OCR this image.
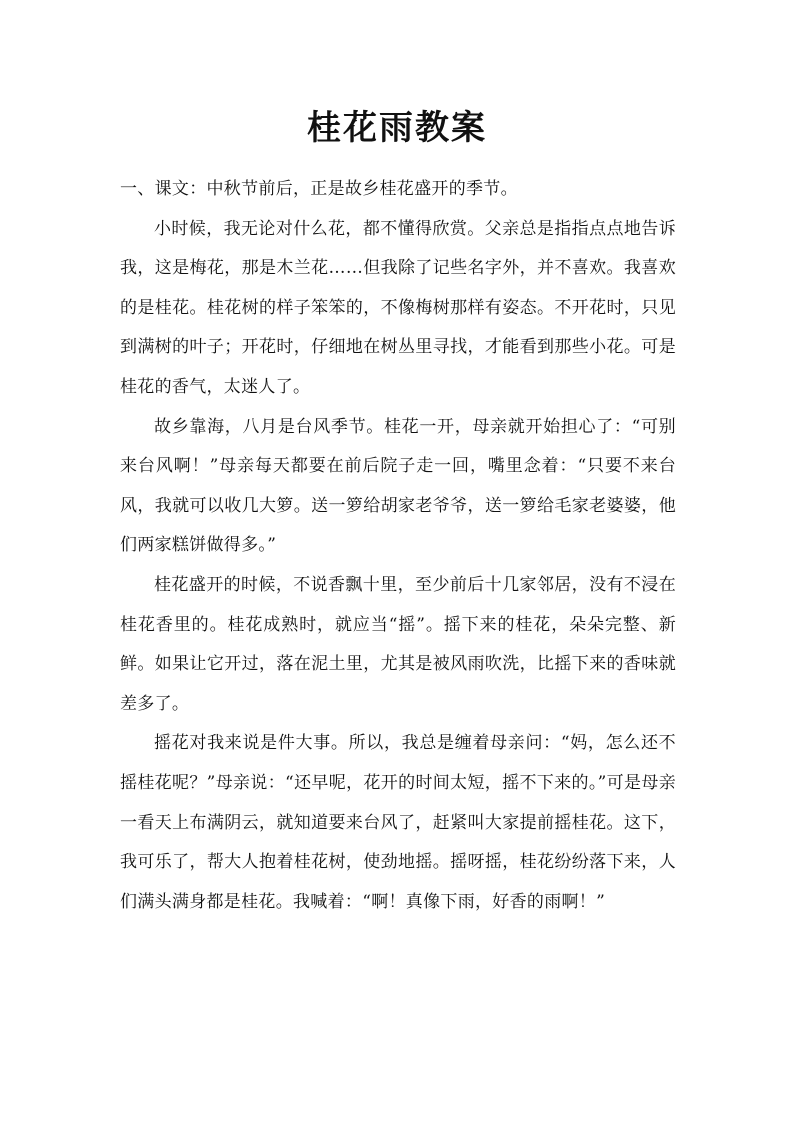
桂花雨教案

一、课文：中秋节前后，正是故乡桂花盛开的季节。

小时候，我无论对什么花，都不懂得欣赏。父亲总是指指点点地告诉我，这是梅花，那是木兰花……但我除了记些名字外，并不喜欢。我喜欢的是桂花。桂花树的样子笨笨的，不像梅树那样有姿态。不开花时，只见到满树的叶子；开花时，仔细地在树丛里寻找，才能看到那些小花。可是桂花的香气，太迷人了。

故乡靠海，八月是台风季节。桂花一开，母亲就开始担心了：“可别来台风啊！”母亲每天都要在前后院子走一回，嘴里念着：“只要不来台风，我就可以收几大箩。送一箩给胡家老爷爷，送一箩给毛家老婆婆，他们两家糕饼做得多。”

桂花盛开的时候，不说香飘十里，至少前后十几家邻居，没有不浸在桂花香里的。桂花成熟时，就应当“摇”。摇下来的桂花，朵朵完整、新鲜。如果让它开过，落在泥土里，尤其是被风雨吹洗，比摇下来的香味就差多了。

摇花对我来说是件大事。所以，我总是缠着母亲问：“妈，怎么还不摇桂花呢？”母亲说：“还早呢，花开的时间太短，摇不下来的。”可是母亲一看天上布满阴云，就知道要来台风了，赶紧叫大家提前摇桂花。这下，我可乐了，帮大人抱着桂花树，使劲地摇。摇呀摇，桂花纷纷落下来，人们满头满身都是桂花。我喊着：“啊！真像下雨，好香的雨啊！”
